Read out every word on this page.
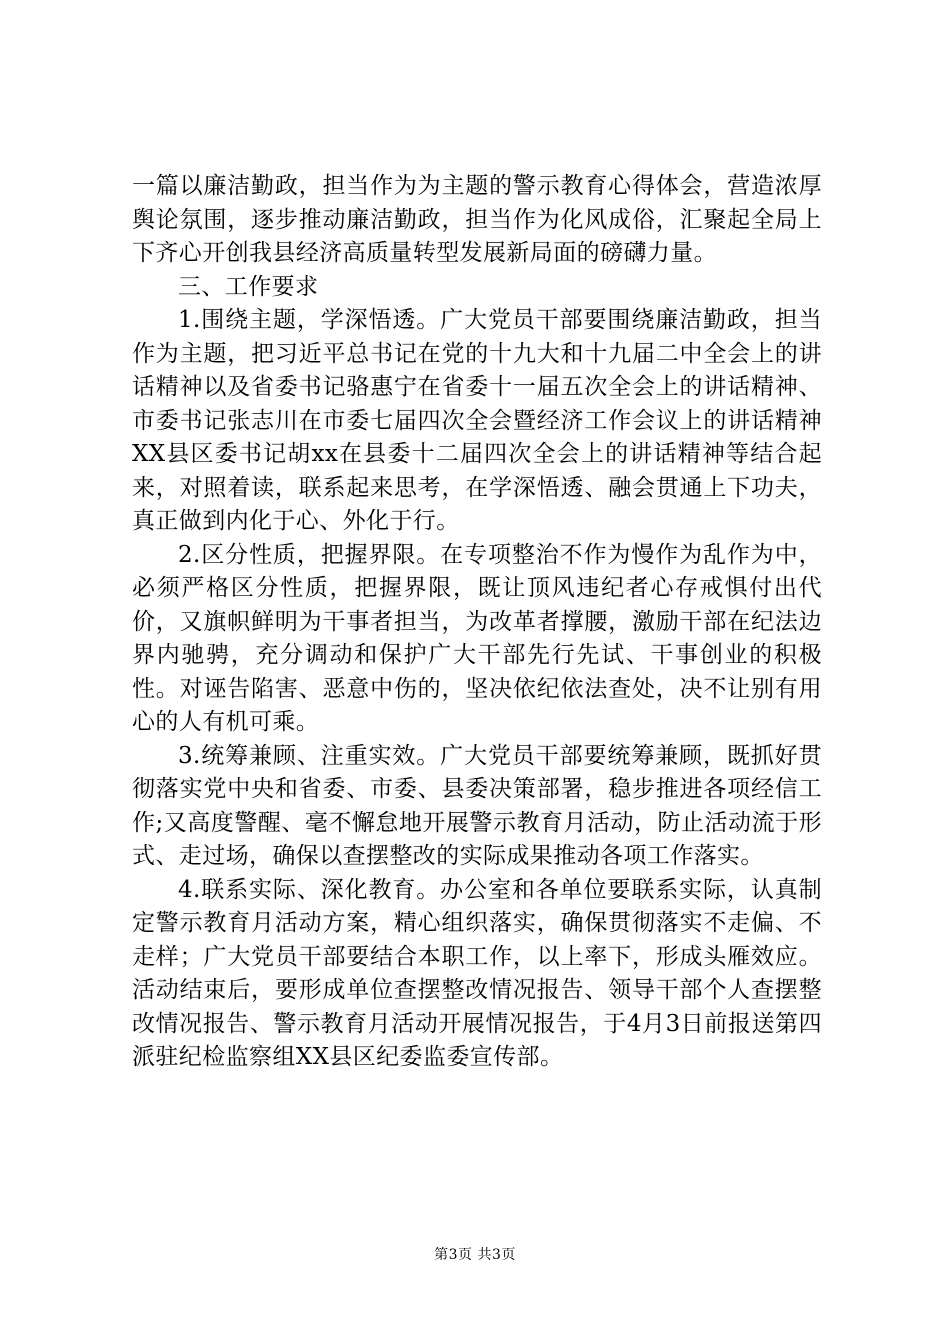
一篇以廉洁勤政，担当作为为主题的警示教育心得体会，营造浓厚舆论氛围，逐步推动廉洁勤政，担当作为化风成俗，汇聚起全局上下齐心开创我县经济高质量转型发展新局面的磅礴力量。

三、工作要求

1.围绕主题，学深悟透。广大党员干部要围绕廉洁勤政，担当作为主题，把习近平总书记在党的十九大和十九届二中全会上的讲话精神以及省委书记骆惠宁在省委十一届五次全会上的讲话精神、市委书记张志川在市委七届四次全会暨经济工作会议上的讲话精神XX县区委书记胡xx在县委十二届四次全会上的讲话精神等结合起来，对照着读，联系起来思考，在学深悟透、融会贯通上下功夫，真正做到内化于心、外化于行。

2.区分性质，把握界限。在专项整治不作为慢作为乱作为中，必须严格区分性质，把握界限，既让顶风违纪者心存戒惧付出代价，又旗帜鲜明为干事者担当，为改革者撑腰，激励干部在纪法边界内驰骋，充分调动和保护广大干部先行先试、干事创业的积极性。对诬告陷害、恶意中伤的，坚决依纪依法查处，决不让别有用心的人有机可乘。

3.统筹兼顾、注重实效。广大党员干部要统筹兼顾，既抓好贯彻落实党中央和省委、市委、县委决策部署，稳步推进各项经信工作;又高度警醒、毫不懈怠地开展警示教育月活动，防止活动流于形式、走过场，确保以查摆整改的实际成果推动各项工作落实。

4.联系实际、深化教育。办公室和各单位要联系实际，认真制定警示教育月活动方案，精心组织落实，确保贯彻落实不走偏、不走样；广大党员干部要结合本职工作，以上率下，形成头雁效应。活动结束后，要形成单位查摆整改情况报告、领导干部个人查摆整改情况报告、警示教育月活动开展情况报告，于4月3日前报送第四派驻纪检监察组XX县区纪委监委宣传部。

第3页 共3页
